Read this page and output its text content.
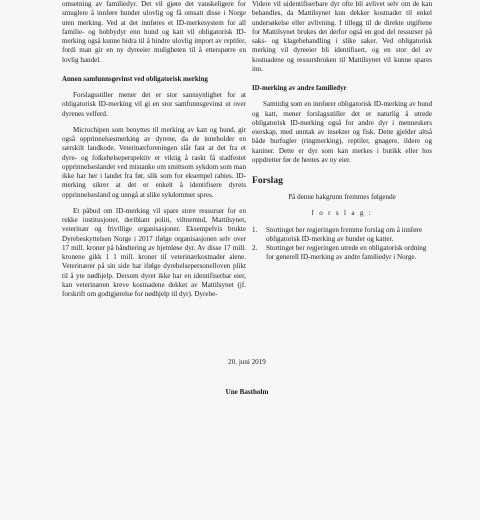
omsetning av familiedyr. Det vil gjøre det vanskeligere for smuglere å innføre hunder ulovlig og få omsatt disse i Norge uten merking. Ved at det innføres et ID-merkesystem for all familie- og hobbydyr enn hund og katt vil obligatorisk ID-merking også kunne bidra til å hindre ulovlig import av reptiler, fordi man gir en ny dyreeier muligheten til å etterspørre en lovlig handel.

Annen samfunnsgevinst ved obligatorisk merking

Forslagsstiller mener det er stor sannsynlighet for at obligatorisk ID-merking vil gi en stor samfunnsgevinst ut over dyrenes velferd.

Microchipen som benyttes til merking av katt og hund, gir også opprinnelsesmerking av dyrene, da de inneholder en særskilt landkode. Veterinærforeningen slår fast at det fra et dyre- og folkehelseperspektiv er viktig å raskt få stadfestet opprinnelseslandet ved mistanke om smittsom sykdom som man ikke har her i landet fra før, slik som for eksempel rabies. ID-merking sikrer at det er enkelt å identifisere dyrets opprinnelsesland og unngå at slike sykdommer spres.

Et påbud om ID-merking vil spare store ressurser for en rekke institusjoner, deriblant politi, viltnemnd, Mattilsynet, veterinær og frivillige organisasjoner. Eksempelvis brukte Dyrebeskyttelsen Norge i 2017 ifølge organisasjonen selv over 17 mill. kroner på håndtering av hjemløse dyr. Av disse 17 mill. kronene gikk 1 1 mill. kroner til veterinærkostnader alene. Veterinærer på sin side har ifølge dyrehelsepersonelloven plikt til å yte nødhjelp. Dersom dyret ikke har en identifiserbar eier, kan veterinæren kreve kostnadene dekket av Mattilsynet (jf. forskrift om godtgjørelse for nødhjelp til dyr). Dyrebe-

Videre vil uidentifiserbare dyr ofte bli avlivet selv om de kan behandles, da Mattilsynet kun dekker kostnader til enkel undersøkelse eller avlivning. I tillegg til de direkte utgiftene for Mattilsynet brukes det derfor også en god del ressurser på saks- og klagebehandling i slike saker. Ved obligatorisk merking vil dyreeier bli identifisert, og en stor del av kostnadene og ressursbruken til Mattilsynet vil kunne spares inn.

ID-merking av andre familiedyr

Samtidig som en innfører obligatorisk ID-merking av hund og katt, mener forslagsstiller det er naturlig å utrede obligatorisk ID-merking også for andre dyr i menneskers eierskap, med unntak av insekter og fisk. Dette gjelder altså både burfugler (ringmerking), reptiler, gnagere, ildere og kaniner. Dette er dyr som kan merkes i butikk eller hos oppdretter før de hentes av ny eier.

Forslag

På denne bakgrunn fremmes følgende

f o r s l a g :

1.	Stortinget ber regjeringen fremme forslag om å innføre obligatorisk ID-merking av hunder og katter.
2.	Stortinget ber regjeringen utrede en obligatorisk ordning for generell ID-merking av andre familiedyr i Norge.
20. juni 2019
Une Bastholm
